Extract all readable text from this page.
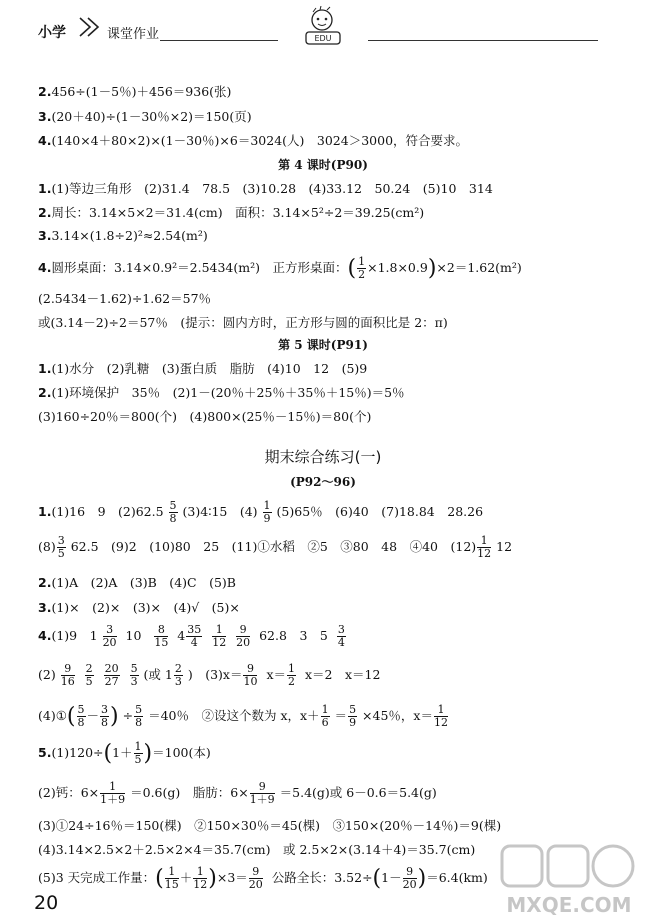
小学	课堂作业	EDU
2.456÷(1－5％)＋456＝936(张)
3.(20＋40)÷(1－30％×2)＝150(页)
4.(140×4＋80×2)×(1－30％)×6＝3024(人)　3024＞3000，符合要求。
第 4 课时(P90)
1.(1)等边三角形　(2)31.4　78.5　(3)10.28　(4)33.12　50.24　(5)10　314
2.周长：3.14×5×2＝31.4(cm)　面积：3.14×5²÷2＝39.25(cm²)
3.3.14×(1.8÷2)²≈2.54(m²)
4.圆形桌面：3.14×0.9²＝2.5434(m²)　正方形桌面：( $\frac{1}{2} \times 1.8\times 0.9)\times 2=1.62(m^2)$
(2.5434－1.62)÷1.62＝57％
或(3.14－2)÷2＝57％　(提示：圆内方时，正方形与圆的面积比是 2：π)
第 5 课时(P91)
1.(1)水分　(2)乳糖　(3)蛋白质　脂肪　(4)10　12　(5)9
2.(1)环境保护　35％　(2)1－(20％＋25％＋35％＋15％)＝5％
(3)160÷20％＝800(个)　(4)800×(25％－15％)＝80(个)
期末综合练习(一)
(P92～96)
1.(1)16　9　$(2)62.5 \frac{5}{8}$ (3)4∶15　$(4) \frac{1}{9} (5)65$％　(6)40　(7)18.84　28.26
$(8) \frac{3}{5} 62.5$　(9)2　(10)80　25　(11)①水稻　②5　③80　48　④40　$(12) \frac{1}{12} 12$
2.(1)A　(2)A　(3)B　(4)C　(5)B
3.(1)×　(2)×　(3)×　(4)√　(5)×
4.(1)9　$1 \frac{3}{20} 10 \frac{8}{15} 4 \frac{35}{4}$
$\frac{1}{12}$
$\frac{9}{20} 62.8$　3　$5 \frac{3}{4}$
$(2) \frac{9}{16}$
$\frac{2}{5}$
$\frac{20}{27}$
$\frac{5}{3}$ (或 $1 \frac{2}{3}$ )　$(3)x= \frac{9}{10} x= \frac{1}{2} x=2$　x＝12
(4)①( $\frac{5}{8} - \frac{3}{8}$ ) ÷ $\frac{5}{8} =40$％　②设这个数为 x，$x+ \frac{1}{6} = \frac{5}{9} \times 45$％，$x= \frac{1}{12}$
$5.(1)120\div(1+ \frac{1}{5} )=100$(本)
(2)钙：$6\times \frac{1}{1+9} =0.6(g)$　脂肪：$6\times \frac{9}{1+9} =5.4(g)$或 6－0.6＝5.4(g)
(3)①24÷16％＝150(棵)　②150×30％＝45(棵)　③150×(20％－14％)＝9(棵)
(4)3.14×2.5×2＋2.5×2×4＝35.7(cm)　或 2.5×2×(3.14＋4)＝35.7(cm)
(5)3 天完成工作量：( $\frac{1}{15} + \frac{1}{12} )\times 3= \frac{9}{20}$ 公路全长：$3.52\div(1- \frac{9}{20} )=6.4(km)$
20	MXQE.COM
